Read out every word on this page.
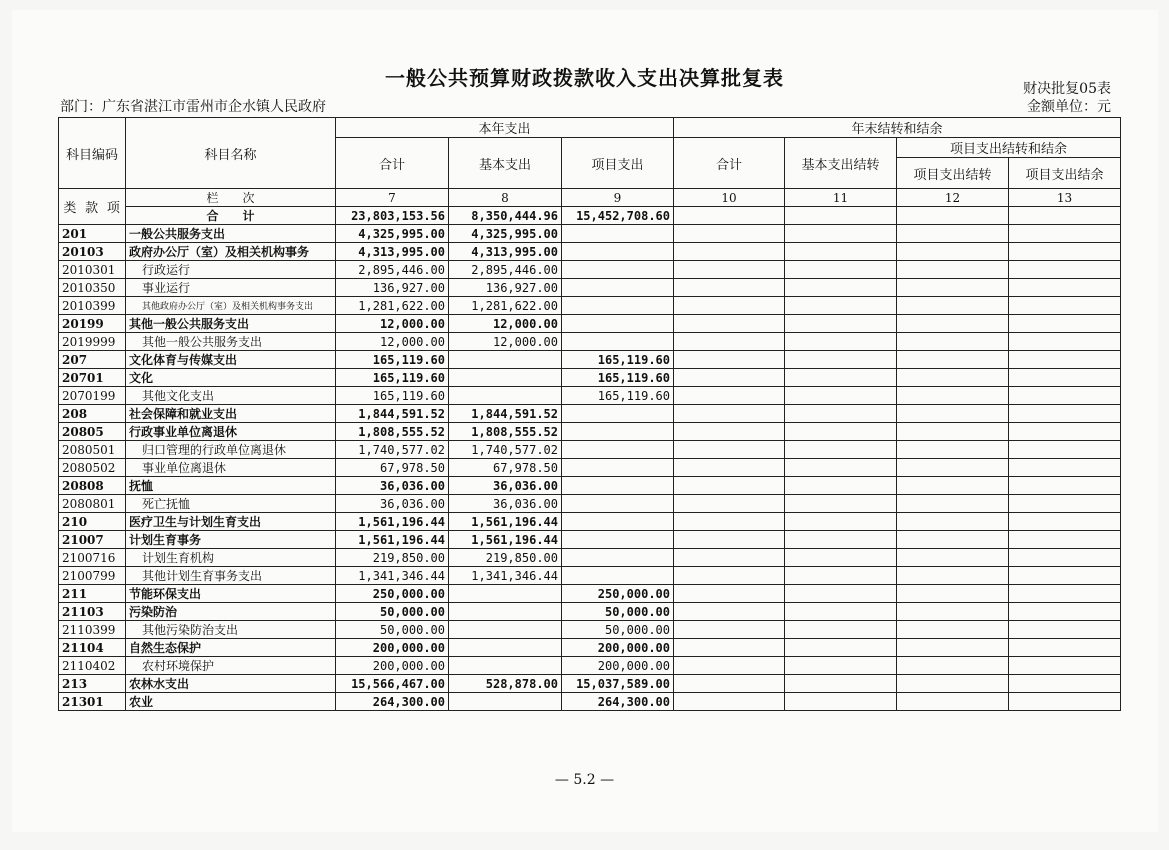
一般公共预算财政拨款收入支出决算批复表	财决批复05表
部门：广东省湛江市雷州市企水镇人民政府	金额单位：元
科目编码	科目名称	本年支出			年末结转和结余			
		合计	基本支出	项目支出	合计	基本支出结转	项目支出结转和结余	
							项目支出结转	项目支出结余
类 款 项	栏　　次	7	8	9	10	11	12	13
	合　　计	23,803,153.56	8,350,444.96	15,452,708.60				
201	一般公共服务支出	4,325,995.00	4,325,995.00					
20103	政府办公厅（室）及相关机构事务	4,313,995.00	4,313,995.00					
2010301	行政运行	2,895,446.00	2,895,446.00					
2010350	事业运行	136,927.00	136,927.00					
2010399	其他政府办公厅（室）及相关机构事务支出	1,281,622.00	1,281,622.00					
20199	其他一般公共服务支出	12,000.00	12,000.00					
2019999	其他一般公共服务支出	12,000.00	12,000.00					
207	文化体育与传媒支出	165,119.60		165,119.60				
20701	文化	165,119.60		165,119.60				
2070199	其他文化支出	165,119.60		165,119.60				
208	社会保障和就业支出	1,844,591.52	1,844,591.52					
20805	行政事业单位离退休	1,808,555.52	1,808,555.52					
2080501	归口管理的行政单位离退休	1,740,577.02	1,740,577.02					
2080502	事业单位离退休	67,978.50	67,978.50					
20808	抚恤	36,036.00	36,036.00					
2080801	死亡抚恤	36,036.00	36,036.00					
210	医疗卫生与计划生育支出	1,561,196.44	1,561,196.44					
21007	计划生育事务	1,561,196.44	1,561,196.44					
2100716	计划生育机构	219,850.00	219,850.00					
2100799	其他计划生育事务支出	1,341,346.44	1,341,346.44					
211	节能环保支出	250,000.00		250,000.00				
21103	污染防治	50,000.00		50,000.00				
2110399	其他污染防治支出	50,000.00		50,000.00				
21104	自然生态保护	200,000.00		200,000.00				
2110402	农村环境保护	200,000.00		200,000.00				
213	农林水支出	15,566,467.00	528,878.00	15,037,589.00				
21301	农业	264,300.00		264,300.00				
— 5.2 —
